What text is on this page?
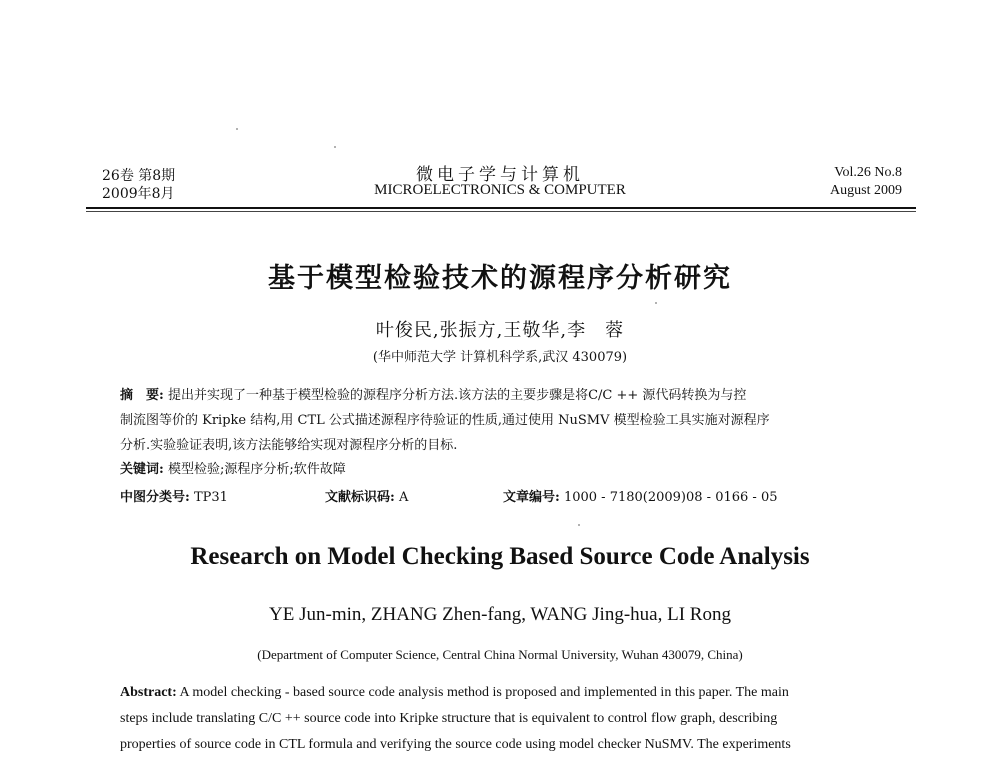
26卷 第8期
2009年8月
微电子学与计算机
MICROELECTRONICS & COMPUTER
Vol.26 No.8
August 2009
基于模型检验技术的源程序分析研究
叶俊民,张振方,王敬华,李　蓉
(华中师范大学 计算机科学系,武汉 430079)
摘　要: 提出并实现了一种基于模型检验的源程序分析方法.该方法的主要步骤是将C/C ++ 源代码转换为与控
制流图等价的 Kripke 结构,用 CTL 公式描述源程序待验证的性质,通过使用 NuSMV 模型检验工具实施对源程序
分析.实验验证表明,该方法能够给实现对源程序分析的目标.
关键词: 模型检验;源程序分析;软件故障
中图分类号: TP31	文献标识码: A	文章编号: 1000 - 7180(2009)08 - 0166 - 05
Research on Model Checking Based Source Code Analysis
YE Jun-min, ZHANG Zhen-fang, WANG Jing-hua, LI Rong
(Department of Computer Science, Central China Normal University, Wuhan 430079, China)
Abstract: A model checking - based source code analysis method is proposed and implemented in this paper. The main
steps include translating C/C ++ source code into Kripke structure that is equivalent to control flow graph, describing
properties of source code in CTL formula and verifying the source code using model checker NuSMV. The experiments
